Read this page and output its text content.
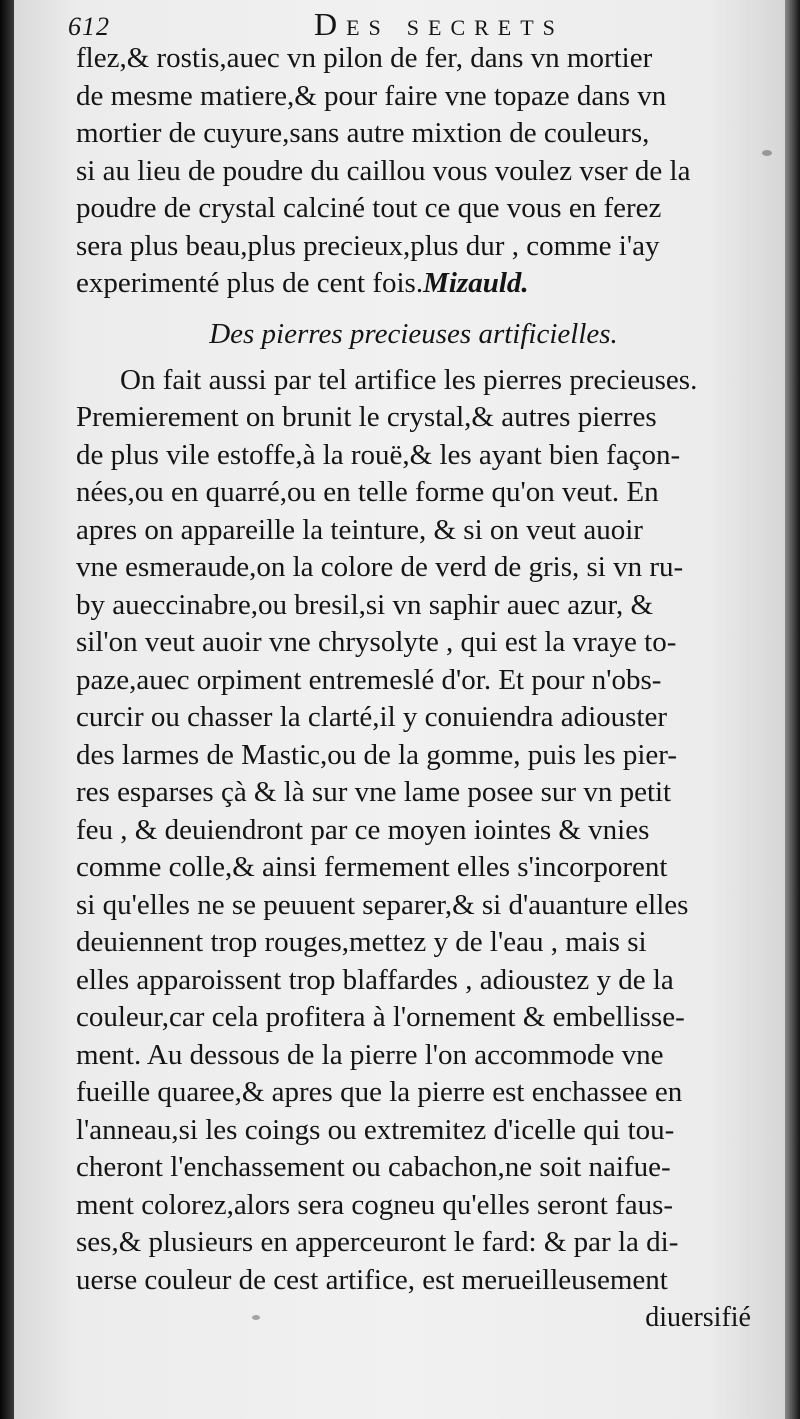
612	Des secrets
flez,& rostis,auec vn pilon de fer, dans vn mortier
de mesme matiere,& pour faire vne topaze dans vn
mortier de cuyure,sans autre mixtion de couleurs,
si au lieu de poudre du caillou vous voulez vser de la
poudre de crystal calciné tout ce que vous en ferez
sera plus beau,plus precieux,plus dur , comme i'ay
experimenté plus de cent fois.Mizauld.
Des pierres precieuses artificielles.
On fait aussi par tel artifice les pierres precieuses.
Premierement on brunit le crystal,& autres pierres
de plus vile estoffe,à la rouë,& les ayant bien façon-
nées,ou en quarré,ou en telle forme qu'on veut. En
apres on appareille la teinture, & si on veut auoir
vne esmeraude,on la colore de verd de gris, si vn ru-
by aueccinabre,ou bresil,si vn saphir auec azur, &
sil'on veut auoir vne chrysolyte , qui est la vraye to-
paze,auec orpiment entremeslé d'or. Et pour n'obs-
curcir ou chasser la clarté,il y conuiendra adiouster
des larmes de Mastic,ou de la gomme, puis les pier-
res esparses çà & là sur vne lame posee sur vn petit
feu , & deuiendront par ce moyen iointes & vnies
comme colle,& ainsi fermement elles s'incorporent
si qu'elles ne se peuuent separer,& si d'auanture elles
deuiennent trop rouges,mettez y de l'eau , mais si
elles apparoissent trop blaffardes , adioustez y de la
couleur,car cela profitera à l'ornement & embellisse-
ment. Au dessous de la pierre l'on accommode vne
fueille quaree,& apres que la pierre est enchassee en
l'anneau,si les coings ou extremitez d'icelle qui tou-
cheront l'enchassement ou cabachon,ne soit naifue-
ment colorez,alors sera cogneu qu'elles seront faus-
ses,& plusieurs en apperceuront le fard: & par la di-
uerse couleur de cest artifice, est merueilleusement
diuersifié
